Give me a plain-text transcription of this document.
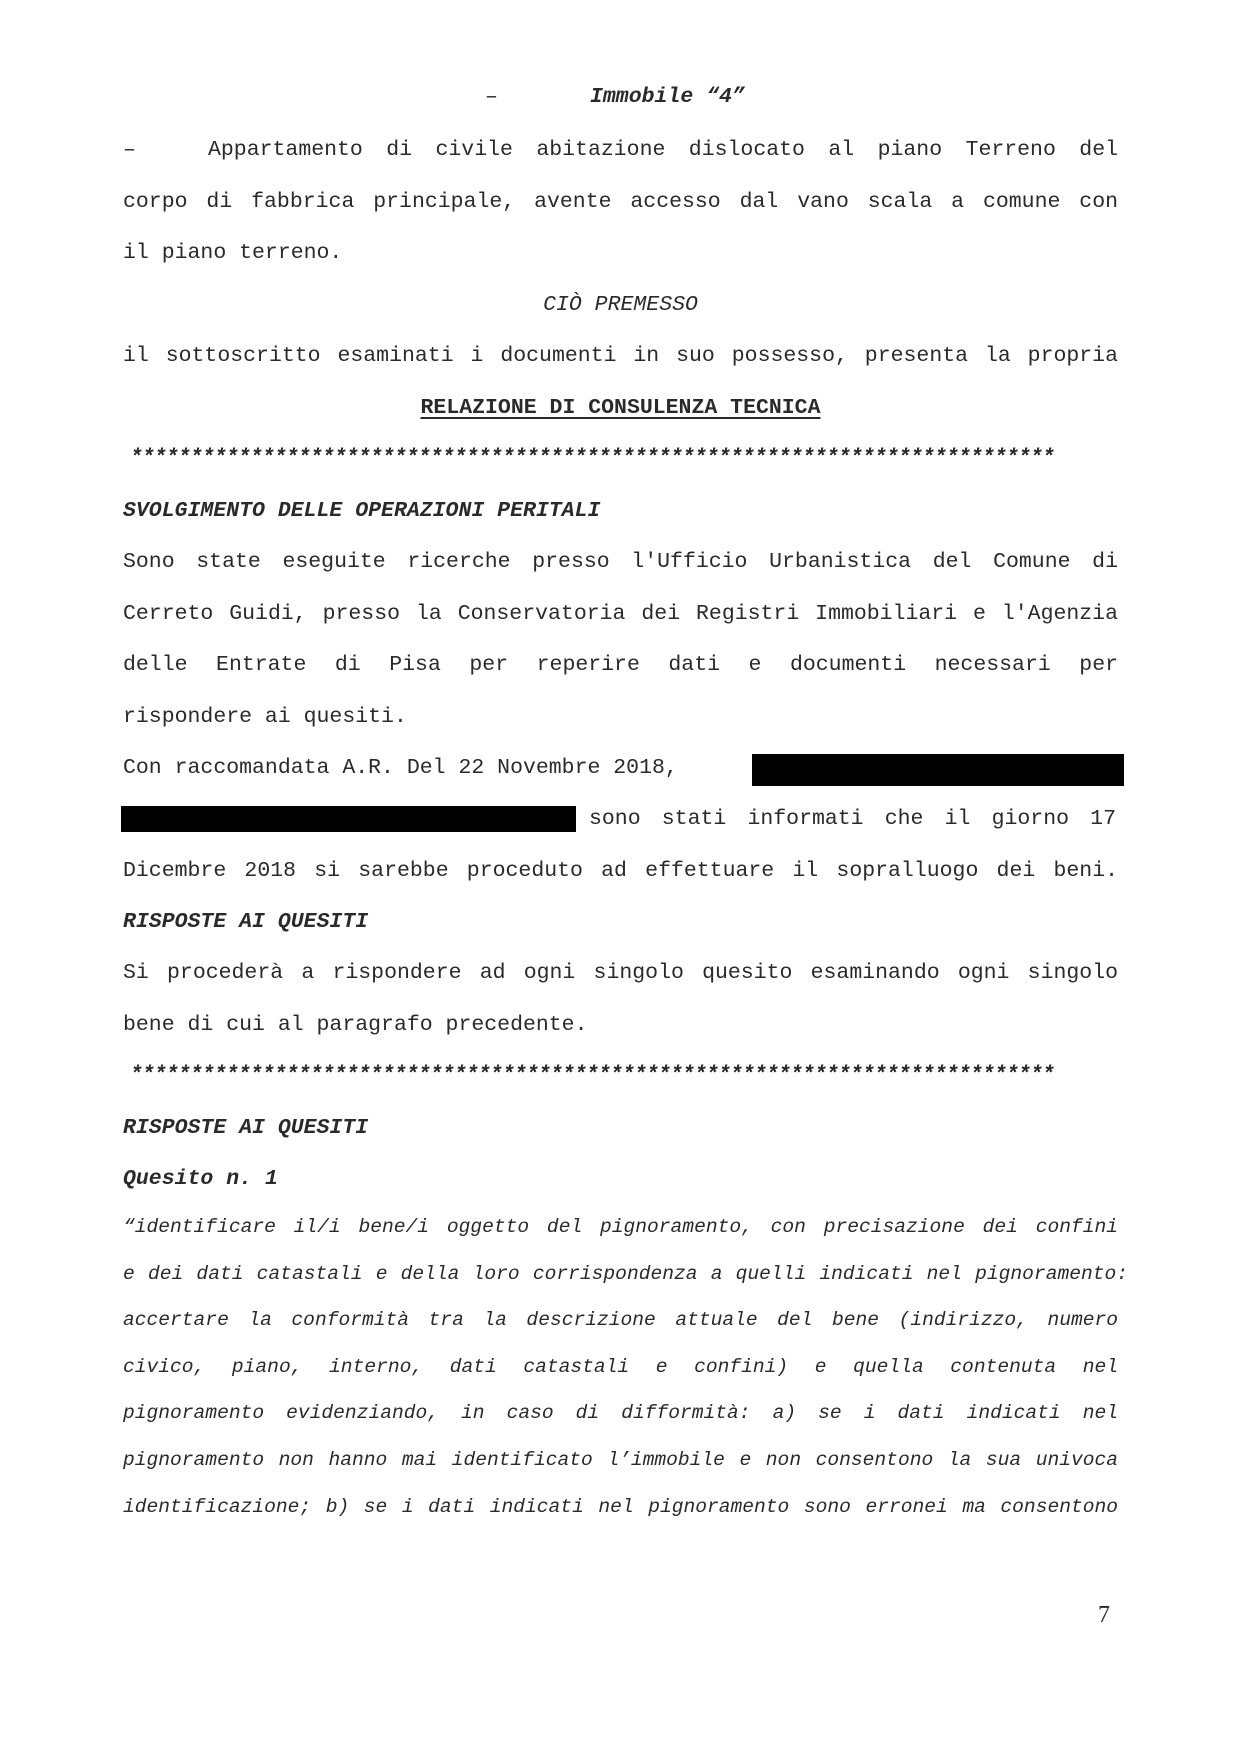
–	Immobile “4”
–	Appartamento di civile abitazione dislocato al piano Terreno del
corpo di fabbrica principale, avente accesso dal vano scala a comune con
il piano terreno.
CIÒ PREMESSO
il sottoscritto esaminati i documenti in suo possesso, presenta la propria
RELAZIONE DI CONSULENZA TECNICA
*****************************************************************************
SVOLGIMENTO DELLE OPERAZIONI PERITALI
Sono state eseguite ricerche presso l'Ufficio Urbanistica del Comune di
Cerreto Guidi, presso la Conservatoria dei Registri Immobiliari e l'Agenzia
delle Entrate di Pisa per reperire dati e documenti necessari per
rispondere ai quesiti.
Con raccomandata A.R. Del 22 Novembre 2018,
sono stati informati che il giorno 17
Dicembre 2018 si sarebbe proceduto ad effettuare il sopralluogo dei beni.
RISPOSTE AI QUESITI
Si procederà a rispondere ad ogni singolo quesito esaminando ogni singolo
bene di cui al paragrafo precedente.
*****************************************************************************
RISPOSTE AI QUESITI
Quesito n. 1
“identificare il/i bene/i oggetto del pignoramento, con precisazione dei confini
e dei dati catastali e della loro corrispondenza a quelli indicati nel pignoramento:
accertare la conformità tra la descrizione attuale del bene (indirizzo, numero
civico, piano, interno, dati catastali e confini) e quella contenuta nel
pignoramento evidenziando, in caso di difformità: a) se i dati indicati nel
pignoramento non hanno mai identificato l’immobile e non consentono la sua univoca
identificazione; b) se i dati indicati nel pignoramento sono erronei ma consentono
7
